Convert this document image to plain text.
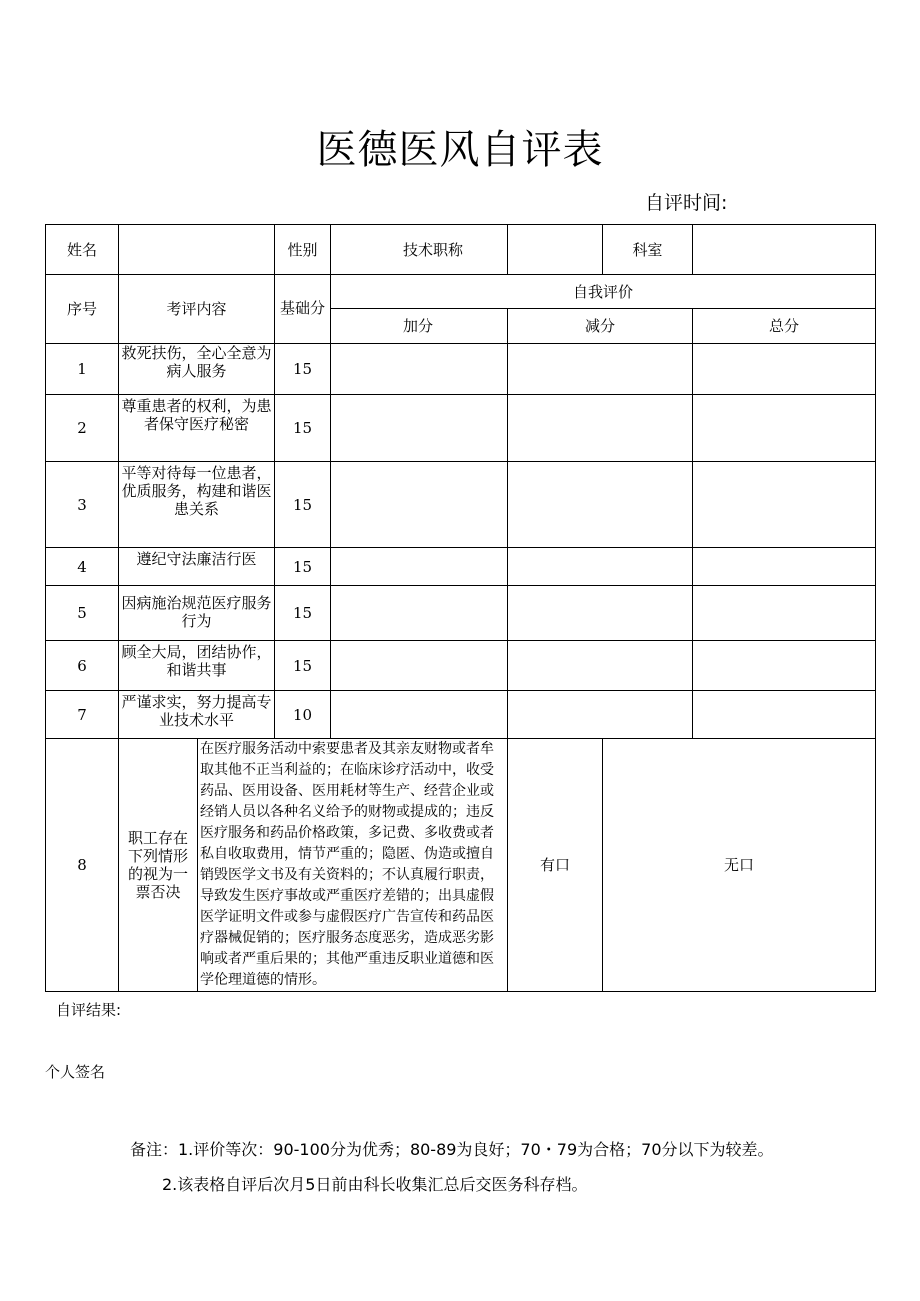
医德医风自评表
自评时间:
姓名			性别	技术职称		科室	
序号	考评内容		基础分	自我评价			
				加分	减分		总分
1	救死扶伤，全心全意为病人服务		15				
2	尊重患者的权利，为患者保守医疗秘密		15				
3	平等对待每一位患者，优质服务，构建和谐医患关系		15				
4	遵纪守法廉洁行医		15				
5	因病施治规范医疗服务行为		15				
6	顾全大局，团结协作，和谐共事		15				
7	严谨求实，努力提高专业技术水平		10				
8	职工存在下列情形的视为一票否决	在医疗服务活动中索要患者及其亲友财物或者牟取其他不正当利益的；在临床诊疗活动中，收受药品、医用设备、医用耗材等生产、经营企业或经销人员以各种名义给予的财物或提成的；违反医疗服务和药品价格政策，多记费、多收费或者私自收取费用，情节严重的；隐匿、伪造或擅自销毁医学文书及有关资料的；不认真履行职责，导致发生医疗事故或严重医疗差错的；出具虚假医学证明文件或参与虚假医疗广告宣传和药品医疗器械促销的；医疗服务态度恶劣，造成恶劣影响或者严重后果的；其他严重违反职业道德和医学伦理道德的情形。			有口	无口	
自评结果:
个人签名
备注：1.评价等次：90-100分为优秀；80-89为良好；70・79为合格；70分以下为较差。
2.该表格自评后次月5日前由科长收集汇总后交医务科存档。
